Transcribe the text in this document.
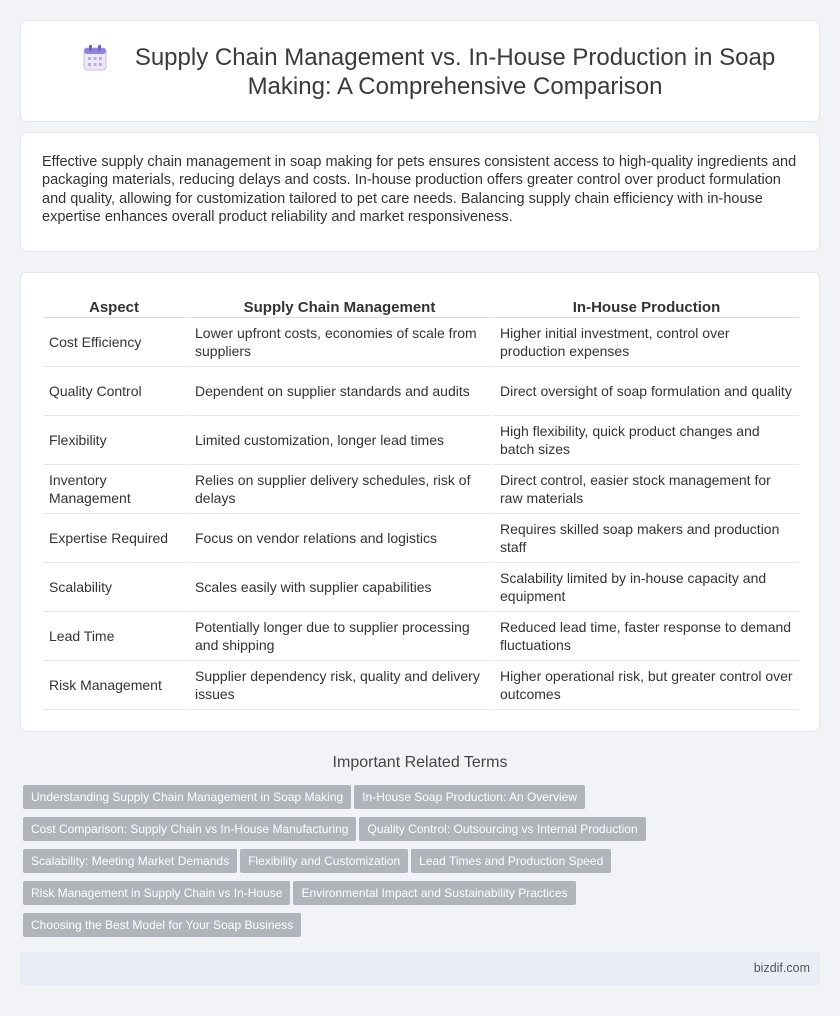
Supply Chain Management vs. In-House Production in Soap Making: A Comprehensive Comparison

Effective supply chain management in soap making for pets ensures consistent access to high-quality ingredients and packaging materials, reducing delays and costs. In-house production offers greater control over product formulation and quality, allowing for customization tailored to pet care needs. Balancing supply chain efficiency with in-house expertise enhances overall product reliability and market responsiveness.

Aspect	Supply Chain Management	In-House Production
Cost Efficiency	Lower upfront costs, economies of scale from suppliers	Higher initial investment, control over production expenses
Quality Control	Dependent on supplier standards and audits	Direct oversight of soap formulation and quality
Flexibility	Limited customization, longer lead times	High flexibility, quick product changes and batch sizes
Inventory Management	Relies on supplier delivery schedules, risk of delays	Direct control, easier stock management for raw materials
Expertise Required	Focus on vendor relations and logistics	Requires skilled soap makers and production staff
Scalability	Scales easily with supplier capabilities	Scalability limited by in-house capacity and equipment
Lead Time	Potentially longer due to supplier processing and shipping	Reduced lead time, faster response to demand fluctuations
Risk Management	Supplier dependency risk, quality and delivery issues	Higher operational risk, but greater control over outcomes
Important Related Terms
Understanding Supply Chain Management in Soap Making In-House Soap Production: An Overview
Cost Comparison: Supply Chain vs In-House Manufacturing Quality Control: Outsourcing vs Internal Production
Scalability: Meeting Market Demands Flexibility and Customization Lead Times and Production Speed
Risk Management in Supply Chain vs In-House Environmental Impact and Sustainability Practices
Choosing the Best Model for Your Soap Business
bizdif.com
